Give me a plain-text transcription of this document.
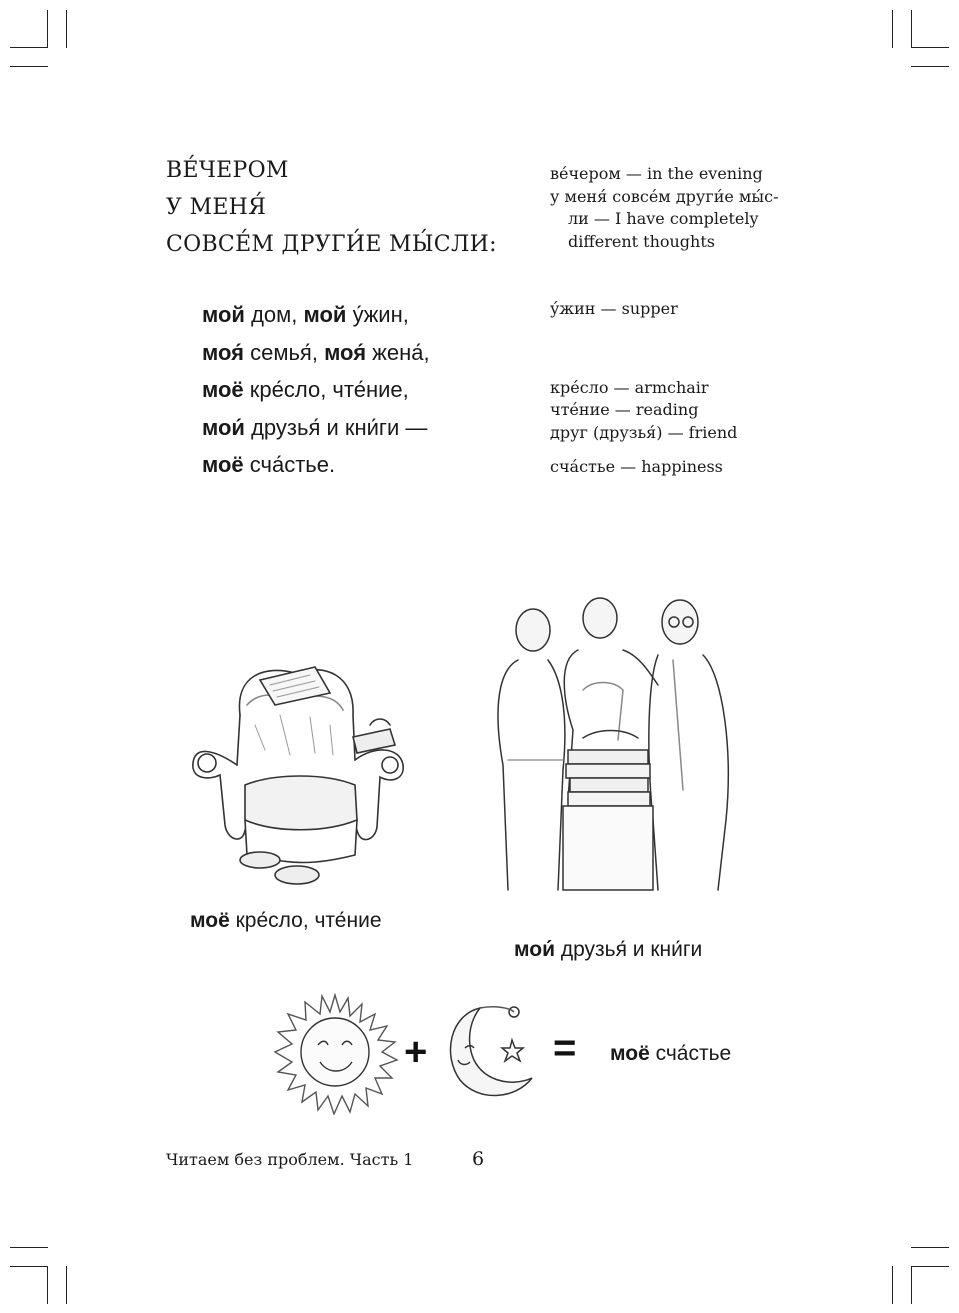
ВЕ́ЧЕРОМ
У МЕНЯ́
СОВСЕ́М ДРУГИ́Е МЫ́СЛИ:
ве́чером — in the evening
у меня́ совсе́м други́е мы́с-
ли — I have completely
different thoughts
мой дом, мой у́жин,
моя́ семья́, моя́ жена́,
моё кре́сло, чте́ние,
мои́ друзья́ и кни́ги —
моё сча́стье.
у́жин — supper
кре́сло — armchair
чте́ние — reading
друг (друзья́) — friend
сча́стье — happiness
моё кре́сло, чте́ние
мои́ друзья́ и кни́ги
+	= моё сча́стье
Читаем без проблем. Часть 1	6
